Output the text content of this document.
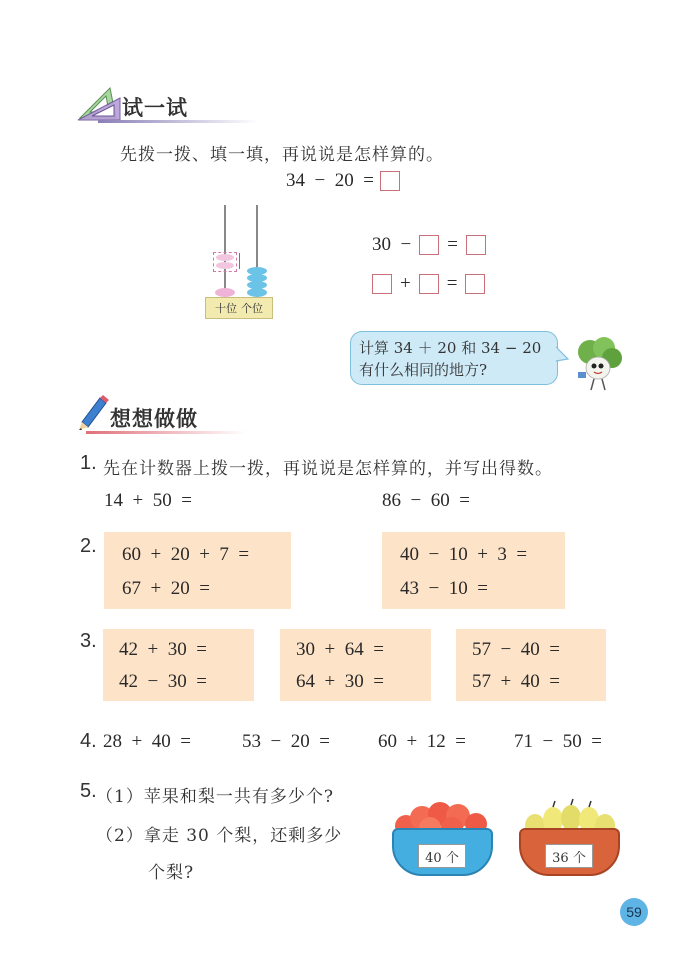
试一试
先拨一拨、填一填，再说说是怎样算的。
34  −  20  =
十位 个位
30  − =
+ =
计算 34 ＋ 20 和 34 − 20
有什么相同的地方?
想想做做
1. 先在计数器上拨一拨，再说说是怎样算的，并写出得数。
14  +  50  =	86  −  60  =
2. 60  +  20  +  7  =
67  +  20  =
40  −  10  +  3  =
43  −  10  =
3. 42  +  30  =
42  −  30  =
30  +  64  =
64  +  30  =
57  −  40  =
57  +  40  =
4. 28  +  40  =	53  −  20  =	60  +  12  =	71  −  50  =
5. （1）苹果和梨一共有多少个?
（2）拿走 30 个梨，还剩多少
个梨?
40 个	36 个
59
